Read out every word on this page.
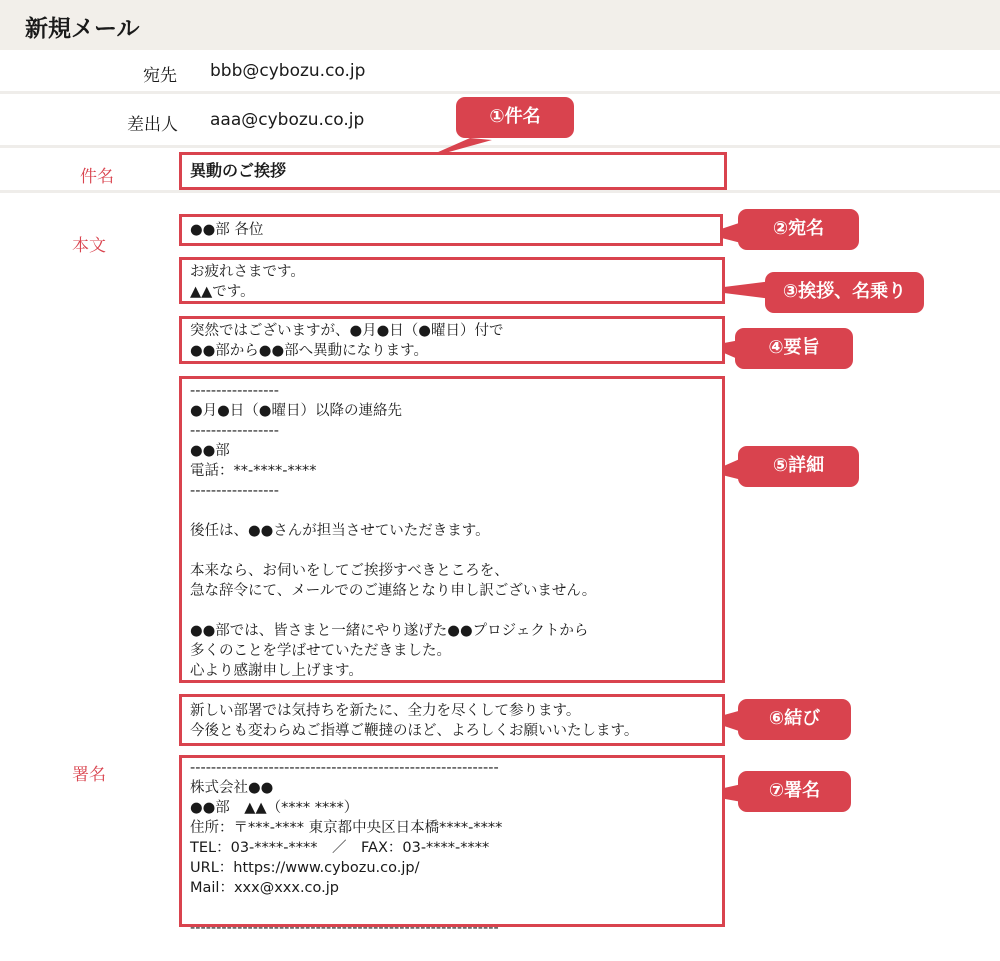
新規メール
宛先 bbb@cybozu.co.jp
差出人 aaa@cybozu.co.jp
件名
本文
署名
異動のご挨拶
●●部 各位
お疲れさまです。
▲▲です。
突然ではございますが、●月●日（●曜日）付で
●●部から●●部へ異動になります。
-----------------
●月●日（●曜日）以降の連絡先
-----------------
●●部
電話：**-****-****
-----------------

後任は、●●さんが担当させていただきます。

本来なら、お伺いをしてご挨拶すべきところを、
急な辞令にて、メールでのご連絡となり申し訳ございません。

●●部では、皆さまと一緒にやり遂げた●●プロジェクトから
多くのことを学ばせていただきました。
心より感謝申し上げます。
新しい部署では気持ちを新たに、全力を尽くして参ります。
今後とも変わらぬご指導ご鞭撻のほど、よろしくお願いいたします。
-----------------------------------------------------------
株式会社●●
●●部　▲▲（**** ****）
住所：〒***-**** 東京都中央区日本橋****-****
TEL：03-****-****　／　FAX：03-****-****
URL：https://www.cybozu.co.jp/
Mail：xxx@xxx.co.jp

-----------------------------------------------------------
①件名
②宛名
③挨拶、名乗り
④要旨
⑤詳細
⑥結び
⑦署名
